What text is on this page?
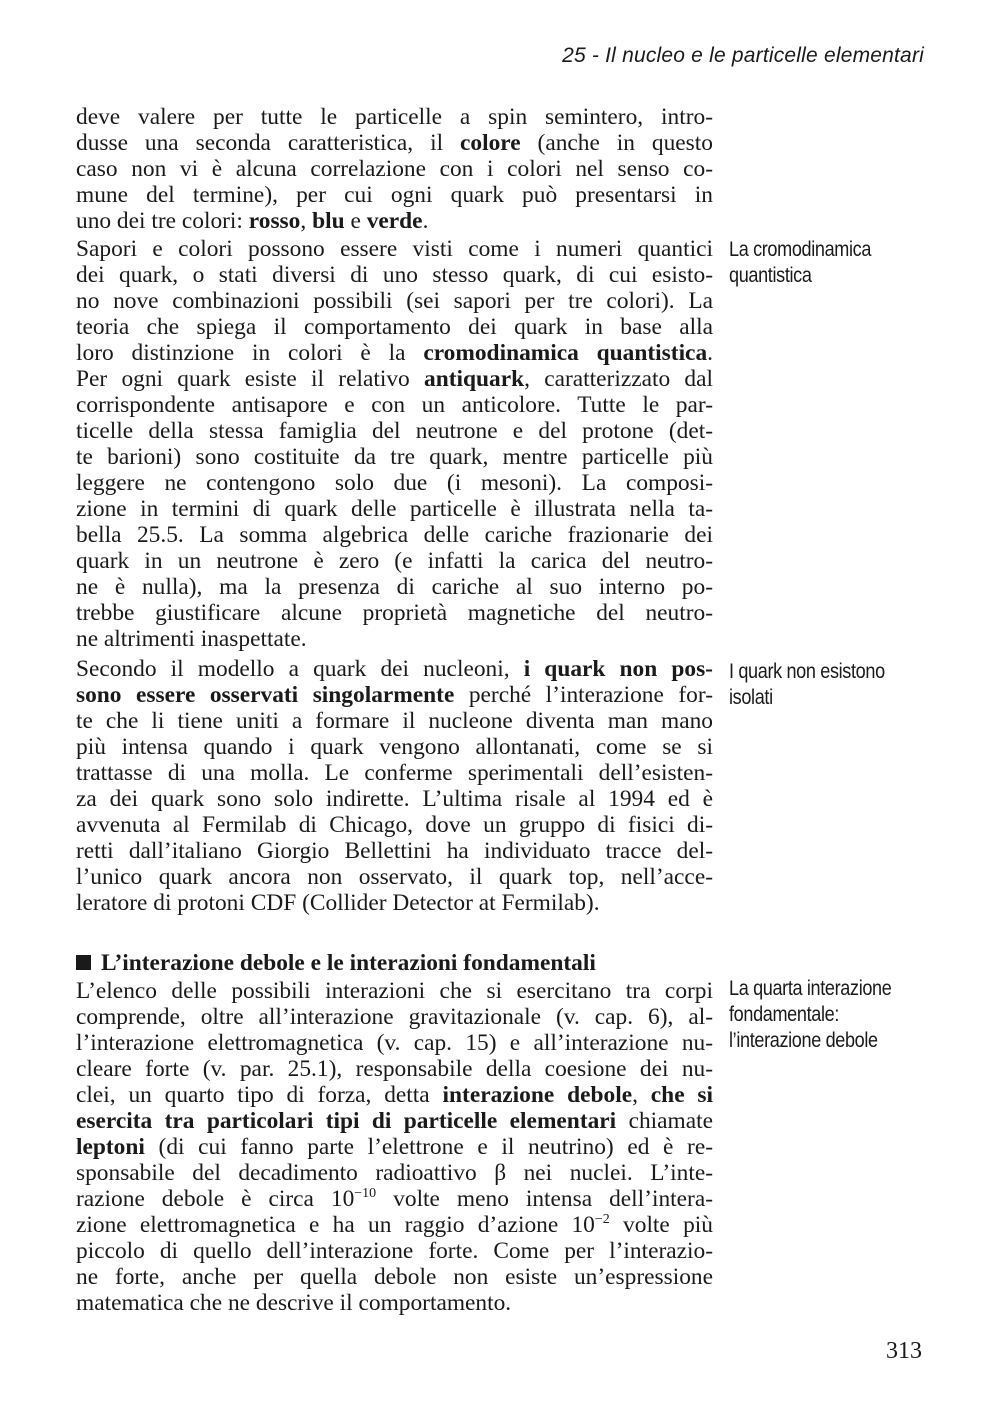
25 - Il nucleo e le particelle elementari
deve valere per tutte le particelle a spin semintero, intro-
dusse una seconda caratteristica, il colore (anche in questo
caso non vi è alcuna correlazione con i colori nel senso co-
mune del termine), per cui ogni quark può presentarsi in
uno dei tre colori: rosso, blu e verde.
Sapori e colori possono essere visti come i numeri quantici
dei quark, o stati diversi di uno stesso quark, di cui esisto-
no nove combinazioni possibili (sei sapori per tre colori). La
teoria che spiega il comportamento dei quark in base alla
loro distinzione in colori è la cromodinamica quantistica.
Per ogni quark esiste il relativo antiquark, caratterizzato dal
corrispondente antisapore e con un anticolore. Tutte le par-
ticelle della stessa famiglia del neutrone e del protone (det-
te barioni) sono costituite da tre quark, mentre particelle più
leggere ne contengono solo due (i mesoni). La composi-
zione in termini di quark delle particelle è illustrata nella ta-
bella 25.5. La somma algebrica delle cariche frazionarie dei
quark in un neutrone è zero (e infatti la carica del neutro-
ne è nulla), ma la presenza di cariche al suo interno po-
trebbe giustificare alcune proprietà magnetiche del neutro-
ne altrimenti inaspettate.
Secondo il modello a quark dei nucleoni, i quark non pos-
sono essere osservati singolarmente perché l’interazione for-
te che li tiene uniti a formare il nucleone diventa man mano
più intensa quando i quark vengono allontanati, come se si
trattasse di una molla. Le conferme sperimentali dell’esisten-
za dei quark sono solo indirette. L’ultima risale al 1994 ed è
avvenuta al Fermilab di Chicago, dove un gruppo di fisici di-
retti dall’italiano Giorgio Bellettini ha individuato tracce del-
l’unico quark ancora non osservato, il quark top, nell’acce-
leratore di protoni CDF (Collider Detector at Fermilab).
L’interazione debole e le interazioni fondamentali
L’elenco delle possibili interazioni che si esercitano tra corpi
comprende, oltre all’interazione gravitazionale (v. cap. 6), al-
l’interazione elettromagnetica (v. cap. 15) e all’interazione nu-
cleare forte (v. par. 25.1), responsabile della coesione dei nu-
clei, un quarto tipo di forza, detta interazione debole, che si
esercita tra particolari tipi di particelle elementari chiamate
leptoni (di cui fanno parte l’elettrone e il neutrino) ed è re-
sponsabile del decadimento radioattivo β nei nuclei. L’inte-
razione debole è circa $10^{-10}$ volte meno intensa dell’intera-
zione elettromagnetica e ha un raggio d’azione $10^{-2}$ volte più
piccolo di quello dell’interazione forte. Come per l’interazio-
ne forte, anche per quella debole non esiste un’espressione
matematica che ne descrive il comportamento.
La cromodinamica
quantistica
I quark non esistono
isolati
La quarta interazione
fondamentale:
l’interazione debole
313
